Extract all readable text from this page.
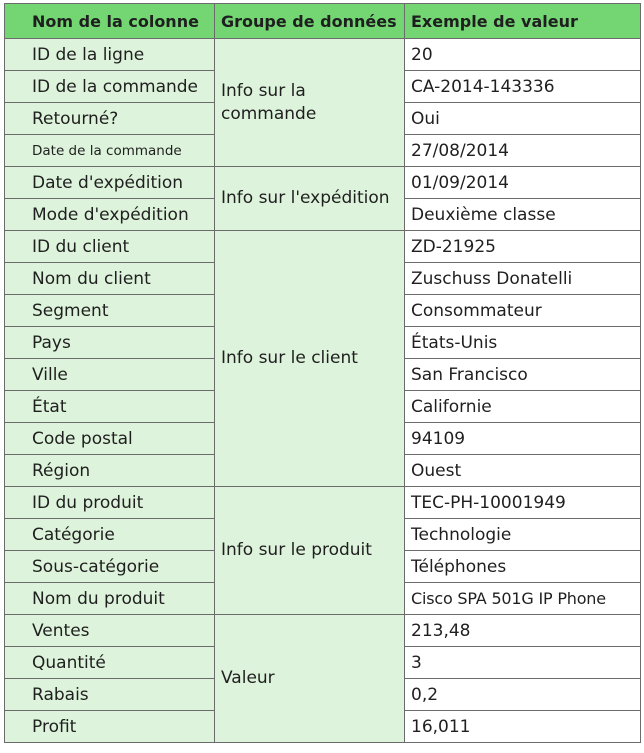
Nom de la colonne	Groupe de données	Exemple de valeur
ID de la ligne	Info sur la commande	20
ID de la commande		CA-2014-143336
Retourné?		Oui
Date de la commande		27/08/2014
Date d'expédition	Info sur l'expédition	01/09/2014
Mode d'expédition		Deuxième classe
ID du client	Info sur le client	ZD-21925
Nom du client		Zuschuss Donatelli
Segment		Consommateur
Pays		États-Unis
Ville		San Francisco
État		Californie
Code postal		94109
Région		Ouest
ID du produit	Info sur le produit	TEC-PH-10001949
Catégorie		Technologie
Sous-catégorie		Téléphones
Nom du produit		Cisco SPA 501G IP Phone
Ventes	Valeur	213,48
Quantité		3
Rabais		0,2
Profit		16,011
